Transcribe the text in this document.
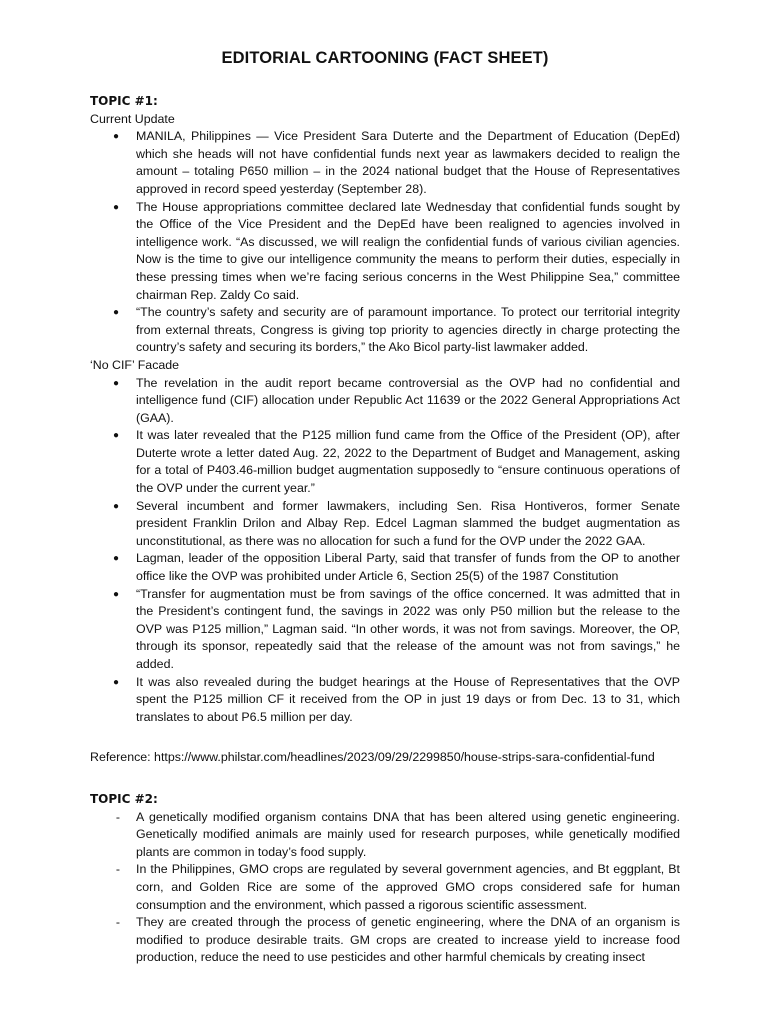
EDITORIAL CARTOONING (FACT SHEET)

TOPIC #1:

Current Update

● MANILA, Philippines — Vice President Sara Duterte and the Department of Education (DepEd) which she heads will not have confidential funds next year as lawmakers decided to realign the amount – totaling P650 million – in the 2024 national budget that the House of Representatives approved in record speed yesterday (September 28).
● The House appropriations committee declared late Wednesday that confidential funds sought by the Office of the Vice President and the DepEd have been realigned to agencies involved in intelligence work. “As discussed, we will realign the confidential funds of various civilian agencies. Now is the time to give our intelligence community the means to perform their duties, especially in these pressing times when we’re facing serious concerns in the West Philippine Sea,” committee chairman Rep. Zaldy Co said.
● “The country’s safety and security are of paramount importance. To protect our territorial integrity from external threats, Congress is giving top priority to agencies directly in charge protecting the country’s safety and securing its borders,” the Ako Bicol party-list lawmaker added.

‘No CIF’ Facade

● The revelation in the audit report became controversial as the OVP had no confidential and intelligence fund (CIF) allocation under Republic Act 11639 or the 2022 General Appropriations Act (GAA).
● It was later revealed that the P125 million fund came from the Office of the President (OP), after Duterte wrote a letter dated Aug. 22, 2022 to the Department of Budget and Management, asking for a total of P403.46-million budget augmentation supposedly to “ensure continuous operations of the OVP under the current year.”
● Several incumbent and former lawmakers, including Sen. Risa Hontiveros, former Senate president Franklin Drilon and Albay Rep. Edcel Lagman slammed the budget augmentation as unconstitutional, as there was no allocation for such a fund for the OVP under the 2022 GAA.
● Lagman, leader of the opposition Liberal Party, said that transfer of funds from the OP to another office like the OVP was prohibited under Article 6, Section 25(5) of the 1987 Constitution
● “Transfer for augmentation must be from savings of the office concerned. It was admitted that in the President’s contingent fund, the savings in 2022 was only P50 million but the release to the OVP was P125 million,” Lagman said. “In other words, it was not from savings. Moreover, the OP, through its sponsor, repeatedly said that the release of the amount was not from savings,” he added.
● It was also revealed during the budget hearings at the House of Representatives that the OVP spent the P125 million CF it received from the OP in just 19 days or from Dec. 13 to 31, which translates to about P6.5 million per day.

Reference: https://www.philstar.com/headlines/2023/09/29/2299850/house-strips-sara-confidential-fund

TOPIC #2:

- A genetically modified organism contains DNA that has been altered using genetic engineering. Genetically modified animals are mainly used for research purposes, while genetically modified plants are common in today’s food supply.
- In the Philippines, GMO crops are regulated by several government agencies, and Bt eggplant, Bt corn, and Golden Rice are some of the approved GMO crops considered safe for human consumption and the environment, which passed a rigorous scientific assessment.
- They are created through the process of genetic engineering, where the DNA of an organism is modified to produce desirable traits. GM crops are created to increase yield to increase food production, reduce the need to use pesticides and other harmful chemicals by creating insect
